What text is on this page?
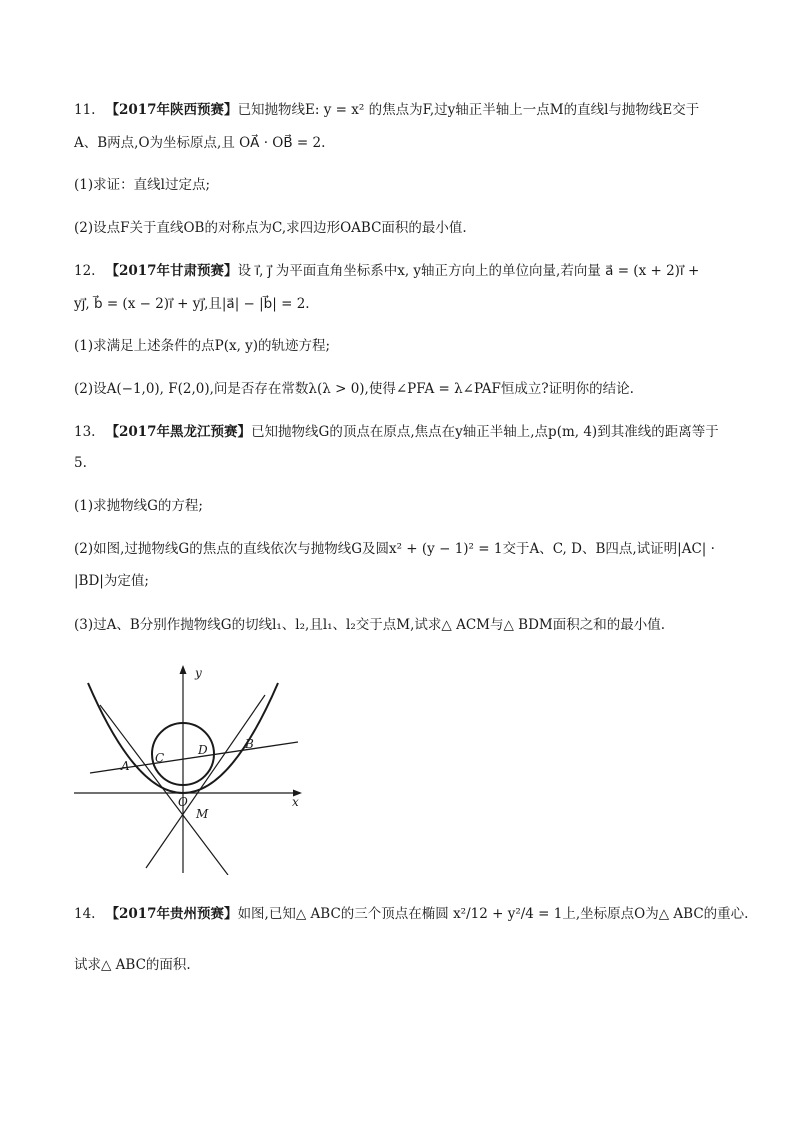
11. 【2017年陕西预赛】已知抛物线E: y = x² 的焦点为F,过y轴正半轴上一点M的直线l与抛物线E交于
A、B两点,O为坐标原点,且 OA⃗ · OB⃗ = 2.
(1)求证：直线l过定点;
(2)设点F关于直线OB的对称点为C,求四边形OABC面积的最小值.
12. 【2017年甘肃预赛】设 i⃗, j⃗ 为平面直角坐标系中x, y轴正方向上的单位向量,若向量 a⃗ = (x + 2)i⃗ +
yj⃗, b⃗ = (x − 2)i⃗ + yj⃗,且|a⃗| − |b⃗| = 2.
(1)求满足上述条件的点P(x, y)的轨迹方程;
(2)设A(−1,0), F(2,0),问是否存在常数λ(λ > 0),使得∠PFA = λ∠PAF恒成立?证明你的结论.
13. 【2017年黑龙江预赛】已知抛物线G的顶点在原点,焦点在y轴正半轴上,点p(m, 4)到其准线的距离等于
5.
(1)求抛物线G的方程;
(2)如图,过抛物线G的焦点的直线依次与抛物线G及圆x² + (y − 1)² = 1交于A、C, D、B四点,试证明|AC| ·
|BD|为定值;
(3)过A、B分别作抛物线G的切线l₁、l₂,且l₁、l₂交于点M,试求△ ACM与△ BDM面积之和的最小值.
y
x
A
C
D	B
O
M
14. 【2017年贵州预赛】如图,已知△ ABC的三个顶点在椭圆 x²/12 + y²/4 = 1上,坐标原点O为△ ABC的重心.
试求△ ABC的面积.
